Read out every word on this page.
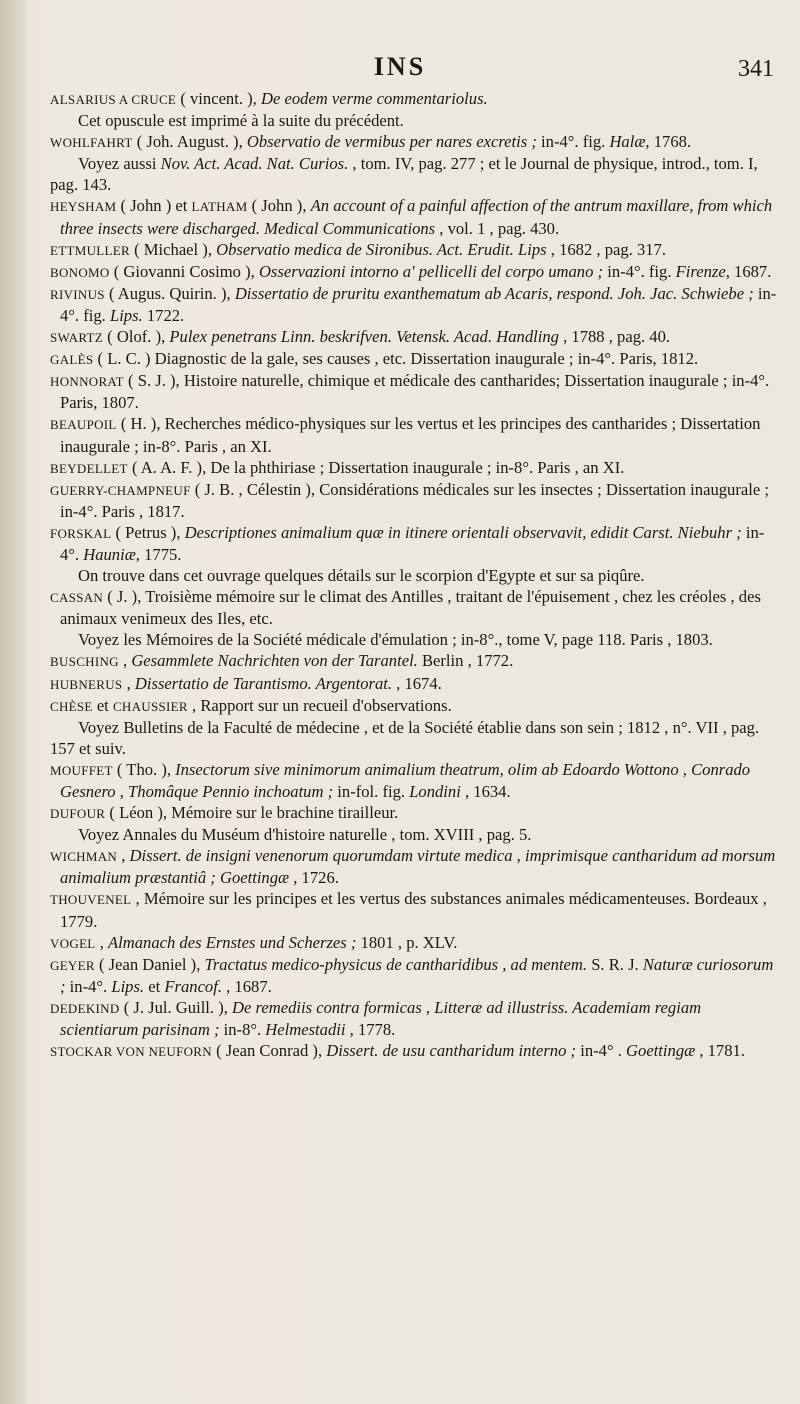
INS	341

ALSARIUS A CRUCE ( vincent. ), De eodem verme commentariolus.

Cet opuscule est imprimé à la suite du précédent.

WOHLFAHRT ( Joh. August. ), Observatio de vermibus per nares excretis ; in-4°. fig. Halæ, 1768.

Voyez aussi Nov. Act. Acad. Nat. Curios. , tom. IV, pag. 277 ; et le Journal de physique, introd., tom. I, pag. 143.

HEYSHAM ( John ) et LATHAM ( John ), An account of a painful affection of the antrum maxillare, from which three insects were discharged. Medical Communications , vol. 1 , pag. 430.

ETTMULLER ( Michael ), Observatio medica de Sironibus. Act. Erudit. Lips , 1682 , pag. 317.

BONOMO ( Giovanni Cosimo ), Osservazioni intorno a' pellicelli del corpo umano ; in-4°. fig. Firenze, 1687.

RIVINUS ( Augus. Quirin. ), Dissertatio de pruritu exanthematum ab Acaris, respond. Joh. Jac. Schwiebe ; in-4°. fig. Lips. 1722.

SWARTZ ( Olof. ), Pulex penetrans Linn. beskrifven. Vetensk. Acad. Handling , 1788 , pag. 40.

GALÈS ( L. C. ) Diagnostic de la gale, ses causes , etc. Dissertation inaugurale ; in-4°. Paris, 1812.

HONNORAT ( S. J. ), Histoire naturelle, chimique et médicale des cantharides; Dissertation inaugurale ; in-4°. Paris, 1807.

BEAUPOIL ( H. ), Recherches médico-physiques sur les vertus et les principes des cantharides ; Dissertation inaugurale ; in-8°. Paris , an XI.

BEYDELLET ( A. A. F. ), De la phthiriase ; Dissertation inaugurale ; in-8°. Paris , an XI.

GUERRY-CHAMPNEUF ( J. B. , Célestin ), Considérations médicales sur les insectes ; Dissertation inaugurale ; in-4°. Paris , 1817.

FORSKAL ( Petrus ), Descriptiones animalium quæ in itinere orientali observavit, edidit Carst. Niebuhr ; in-4°. Hauniæ, 1775.

On trouve dans cet ouvrage quelques détails sur le scorpion d'Egypte et sur sa piqûre.

CASSAN ( J. ), Troisième mémoire sur le climat des Antilles , traitant de l'épuisement , chez les créoles , des animaux venimeux des Iles, etc.

Voyez les Mémoires de la Société médicale d'émulation ; in-8°., tome V, page 118. Paris , 1803.

BUSCHING , Gesammlete Nachrichten von der Tarantel. Berlin , 1772.

HUBNERUS , Dissertatio de Tarantismo. Argentorat. , 1674.

CHÈSE et CHAUSSIER , Rapport sur un recueil d'observations.

Voyez Bulletins de la Faculté de médecine , et de la Société établie dans son sein ; 1812 , n°. VII , pag. 157 et suiv.

MOUFFET ( Tho. ), Insectorum sive minimorum animalium theatrum, olim ab Edoardo Wottono , Conrado Gesnero , Thomâque Pennio inchoatum ; in-fol. fig. Londini , 1634.

DUFOUR ( Léon ), Mémoire sur le brachine tirailleur.

Voyez Annales du Muséum d'histoire naturelle , tom. XVIII , pag. 5.

WICHMAN , Dissert. de insigni venenorum quorumdam virtute medica , imprimisque cantharidum ad morsum animalium præstantiâ ; Goettingæ , 1726.

THOUVENEL , Mémoire sur les principes et les vertus des substances animales médicamenteuses. Bordeaux , 1779.

VOGEL , Almanach des Ernstes und Scherzes ; 1801 , p. XLV.

GEYER ( Jean Daniel ), Tractatus medico-physicus de cantharidibus , ad mentem. S. R. J. Naturæ curiosorum ; in-4°. Lips. et Francof. , 1687.

DEDEKIND ( J. Jul. Guill. ), De remediis contra formicas , Litteræ ad illustriss. Academiam regiam scientiarum parisinam ; in-8°. Helmestadii , 1778.

STOCKAR VON NEUFORN ( Jean Conrad ), Dissert. de usu cantharidum interno ; in-4° . Goettingæ , 1781.
